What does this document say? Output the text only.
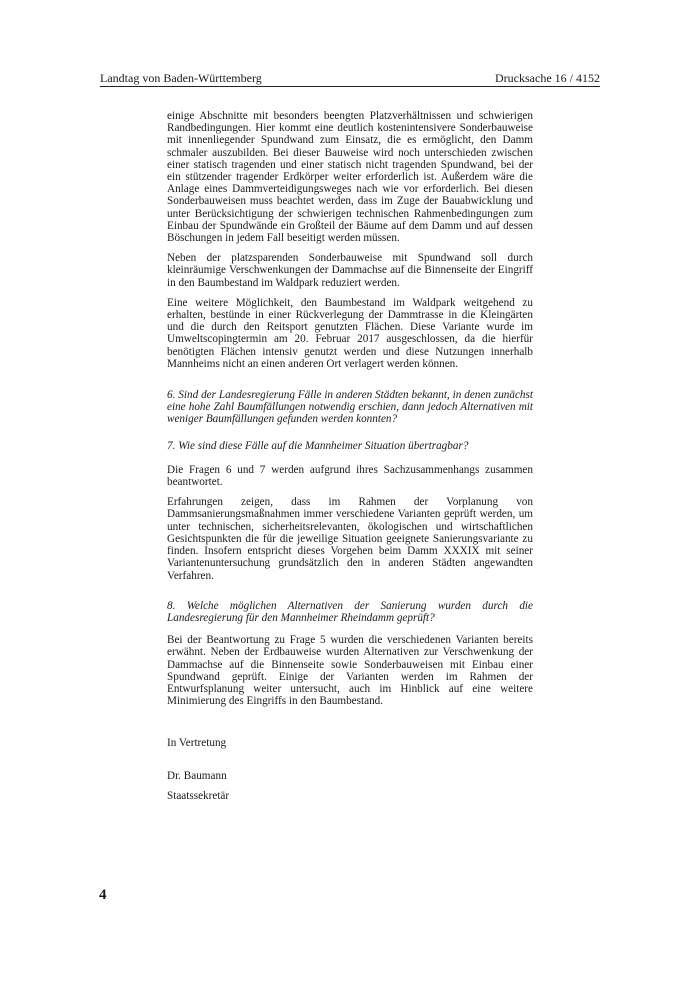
Landtag von Baden-Württemberg	Drucksache 16 / 4152

einige Abschnitte mit besonders beengten Platzverhältnissen und schwierigen Randbedingungen. Hier kommt eine deutlich kostenintensivere Sonderbauweise mit innenliegender Spundwand zum Einsatz, die es ermöglicht, den Damm schmaler auszubilden. Bei dieser Bauweise wird noch unterschieden zwischen einer statisch tragenden und einer statisch nicht tragenden Spundwand, bei der ein stützender tragender Erdkörper weiter erforderlich ist. Außerdem wäre die Anlage eines Dammverteidigungsweges nach wie vor erforderlich. Bei diesen Sonderbauweisen muss beachtet werden, dass im Zuge der Bauabwicklung und unter Berücksichtigung der schwierigen technischen Rahmenbedingungen zum Einbau der Spundwände ein Großteil der Bäume auf dem Damm und auf dessen Böschungen in jedem Fall beseitigt werden müssen.

Neben der platzsparenden Sonderbauweise mit Spundwand soll durch kleinräumige Verschwenkungen der Dammachse auf die Binnenseite der Eingriff in den Baumbestand im Waldpark reduziert werden.

Eine weitere Möglichkeit, den Baumbestand im Waldpark weitgehend zu erhalten, bestünde in einer Rückverlegung der Dammtrasse in die Kleingärten und die durch den Reitsport genutzten Flächen. Diese Variante wurde im Umweltscopingtermin am 20. Februar 2017 ausgeschlossen, da die hierfür benötigten Flächen intensiv genutzt werden und diese Nutzungen innerhalb Mannheims nicht an einen anderen Ort verlagert werden können.

6. Sind der Landesregierung Fälle in anderen Städten bekannt, in denen zunächst eine hohe Zahl Baumfällungen notwendig erschien, dann jedoch Alternativen mit weniger Baumfällungen gefunden werden konnten?

7. Wie sind diese Fälle auf die Mannheimer Situation übertragbar?

Die Fragen 6 und 7 werden aufgrund ihres Sachzusammenhangs zusammen beantwortet.

Erfahrungen zeigen, dass im Rahmen der Vorplanung von Dammsanierungsmaßnahmen immer verschiedene Varianten geprüft werden, um unter technischen, sicherheitsrelevanten, ökologischen und wirtschaftlichen Gesichtspunkten die für die jeweilige Situation geeignete Sanierungsvariante zu finden. Insofern entspricht dieses Vorgehen beim Damm XXXIX mit seiner Variantenuntersuchung grundsätzlich den in anderen Städten angewandten Verfahren.

8. Welche möglichen Alternativen der Sanierung wurden durch die Landesregierung für den Mannheimer Rheindamm geprüft?

Bei der Beantwortung zu Frage 5 wurden die verschiedenen Varianten bereits erwähnt. Neben der Erdbauweise wurden Alternativen zur Verschwenkung der Dammachse auf die Binnenseite sowie Sonderbauweisen mit Einbau einer Spundwand geprüft. Einige der Varianten werden im Rahmen der Entwurfsplanung weiter untersucht, auch im Hinblick auf eine weitere Minimierung des Eingriffs in den Baumbestand.

In Vertretung

Dr. Baumann

Staatssekretär

4
